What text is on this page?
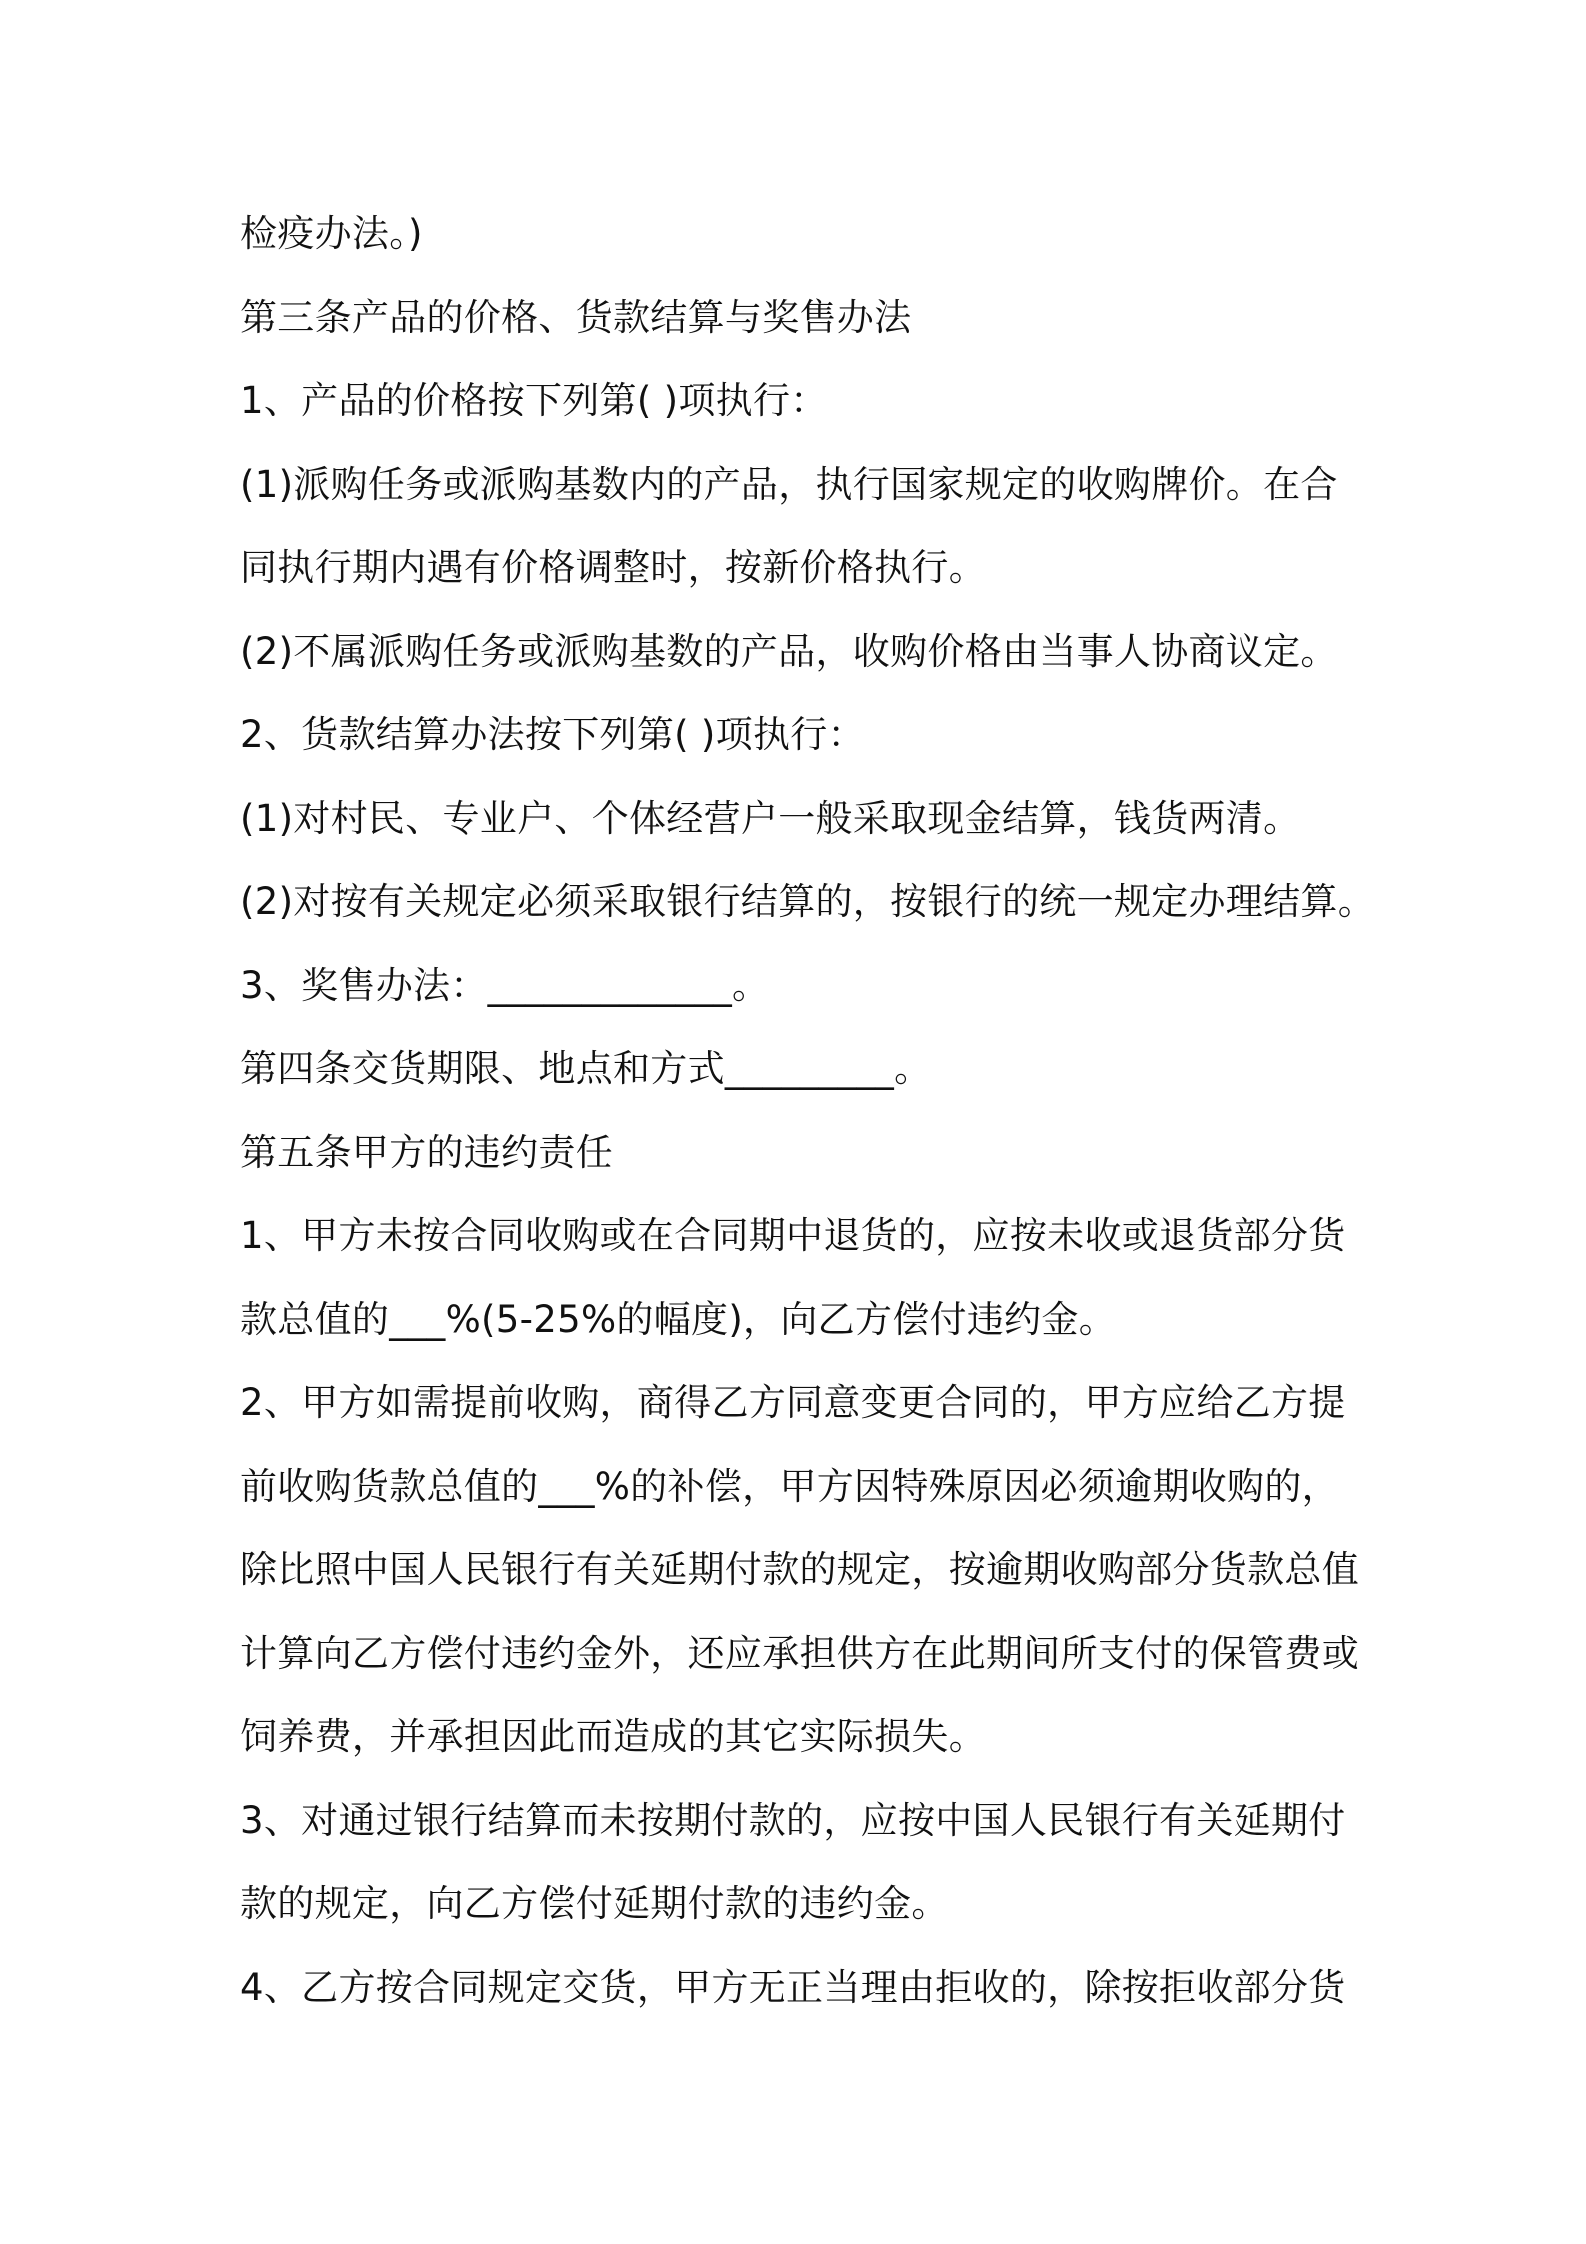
检疫办法。)
第三条产品的价格、货款结算与奖售办法
1、产品的价格按下列第( )项执行：
(1)派购任务或派购基数内的产品，执行国家规定的收购牌价。在合
同执行期内遇有价格调整时，按新价格执行。
(2)不属派购任务或派购基数的产品，收购价格由当事人协商议定。
2、货款结算办法按下列第( )项执行：
(1)对村民、专业户、个体经营户一般采取现金结算，钱货两清。
(2)对按有关规定必须采取银行结算的，按银行的统一规定办理结算。
3、奖售办法：_____________。
第四条交货期限、地点和方式_________。
第五条甲方的违约责任
1、甲方未按合同收购或在合同期中退货的，应按未收或退货部分货
款总值的___%(5-25%的幅度)，向乙方偿付违约金。
2、甲方如需提前收购，商得乙方同意变更合同的，甲方应给乙方提
前收购货款总值的___%的补偿，甲方因特殊原因必须逾期收购的，
除比照中国人民银行有关延期付款的规定，按逾期收购部分货款总值
计算向乙方偿付违约金外，还应承担供方在此期间所支付的保管费或
饲养费，并承担因此而造成的其它实际损失。
3、对通过银行结算而未按期付款的，应按中国人民银行有关延期付
款的规定，向乙方偿付延期付款的违约金。
4、乙方按合同规定交货，甲方无正当理由拒收的，除按拒收部分货
